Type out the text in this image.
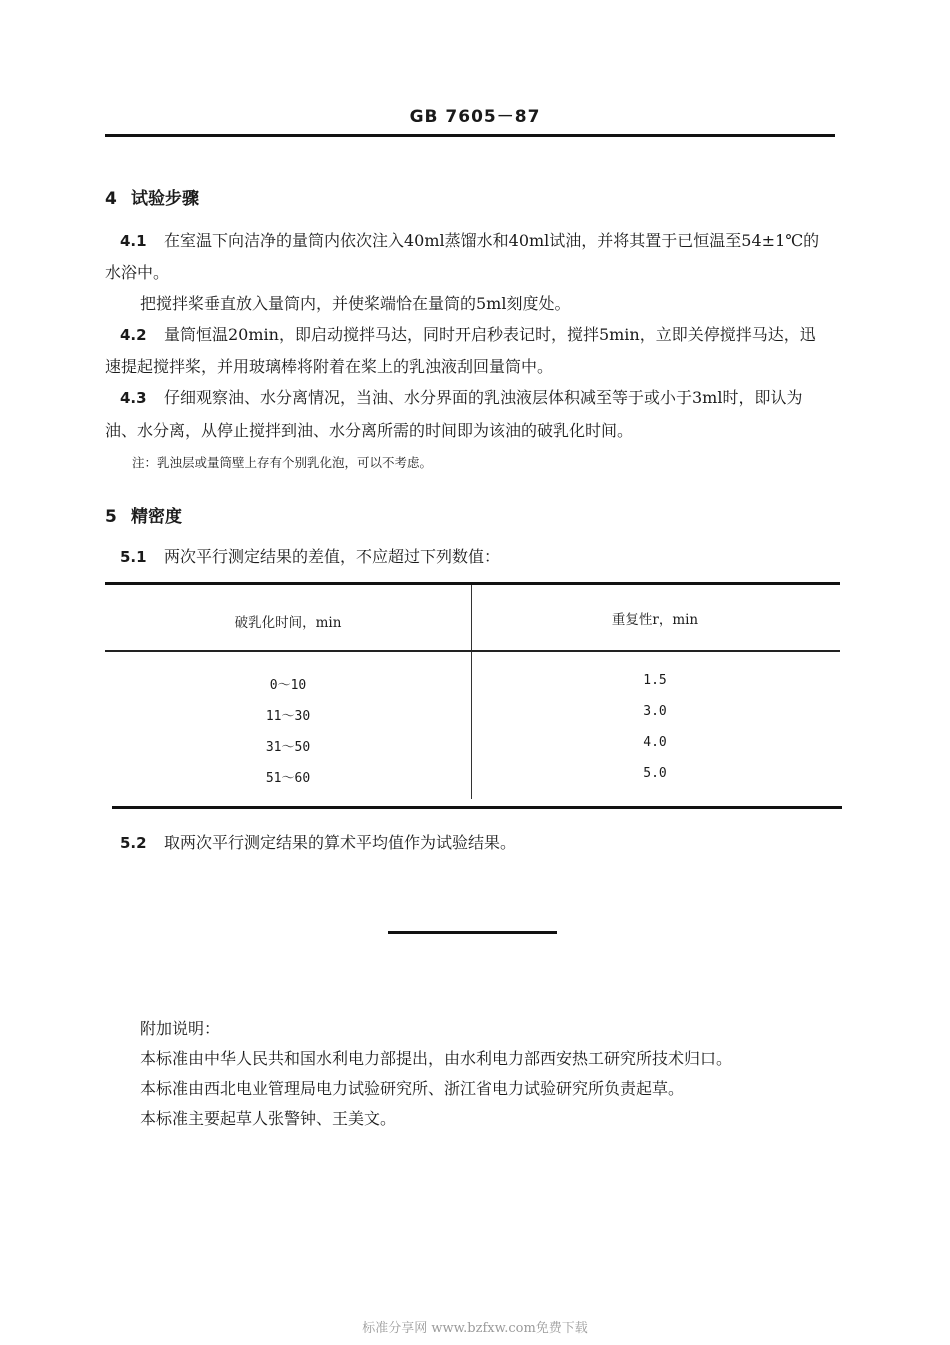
GB 7605－87
4 试验步骤
4.1 在室温下向洁净的量筒内依次注入40ml蒸馏水和40ml试油，并将其置于已恒温至54±1℃的
水浴中。
把搅拌桨垂直放入量筒内，并使桨端恰在量筒的5ml刻度处。
4.2 量筒恒温20min，即启动搅拌马达，同时开启秒表记时，搅拌5min，立即关停搅拌马达，迅
速提起搅拌桨，并用玻璃棒将附着在桨上的乳浊液刮回量筒中。
4.3 仔细观察油、水分离情况，当油、水分界面的乳浊液层体积减至等于或小于3ml时，即认为
油、水分离，从停止搅拌到油、水分离所需的时间即为该油的破乳化时间。
注：乳浊层或量筒壁上存有个别乳化泡，可以不考虑。
5 精密度
5.1 两次平行测定结果的差值，不应超过下列数值：
破乳化时间，min	重复性r，min
0～10	1.5
11～30	3.0
31～50	4.0
51～60	5.0
5.2 取两次平行测定结果的算术平均值作为试验结果。
附加说明：
本标准由中华人民共和国水利电力部提出，由水利电力部西安热工研究所技术归口。
本标准由西北电业管理局电力试验研究所、浙江省电力试验研究所负责起草。
本标准主要起草人张警钟、王美文。
标准分享网 www.bzfxw.com免费下载
